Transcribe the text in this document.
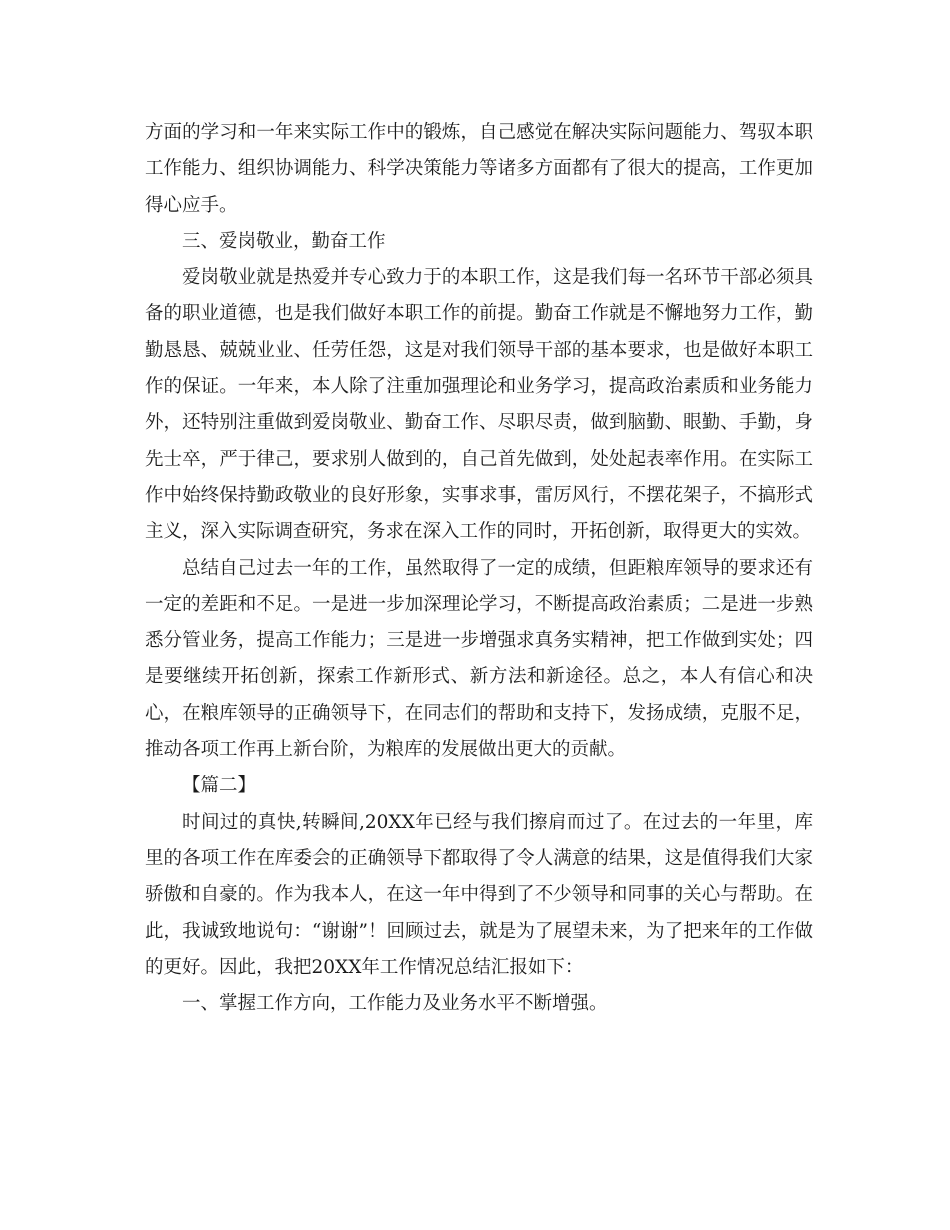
方面的学习和一年来实际工作中的锻炼，自己感觉在解决实际问题能力、驾驭本职工作能力、组织协调能力、科学决策能力等诸多方面都有了很大的提高，工作更加得心应手。

三、爱岗敬业，勤奋工作

爱岗敬业就是热爱并专心致力于的本职工作，这是我们每一名环节干部必须具备的职业道德，也是我们做好本职工作的前提。勤奋工作就是不懈地努力工作，勤勤恳恳、兢兢业业、任劳任怨，这是对我们领导干部的基本要求，也是做好本职工作的保证。一年来，本人除了注重加强理论和业务学习，提高政治素质和业务能力外，还特别注重做到爱岗敬业、勤奋工作、尽职尽责，做到脑勤、眼勤、手勤，身先士卒，严于律己，要求别人做到的，自己首先做到，处处起表率作用。在实际工作中始终保持勤政敬业的良好形象，实事求事，雷厉风行，不摆花架子，不搞形式主义，深入实际调查研究，务求在深入工作的同时，开拓创新，取得更大的实效。

总结自己过去一年的工作，虽然取得了一定的成绩，但距粮库领导的要求还有一定的差距和不足。一是进一步加深理论学习，不断提高政治素质；二是进一步熟悉分管业务，提高工作能力；三是进一步增强求真务实精神，把工作做到实处；四是要继续开拓创新，探索工作新形式、新方法和新途径。总之，本人有信心和决心，在粮库领导的正确领导下，在同志们的帮助和支持下，发扬成绩，克服不足，推动各项工作再上新台阶，为粮库的发展做出更大的贡献。

【篇二】

时间过的真快,转瞬间,20XX年已经与我们擦肩而过了。在过去的一年里，库里的各项工作在库委会的正确领导下都取得了令人满意的结果，这是值得我们大家骄傲和自豪的。作为我本人，在这一年中得到了不少领导和同事的关心与帮助。在此，我诚致地说句：“谢谢”！回顾过去，就是为了展望未来，为了把来年的工作做的更好。因此，我把20XX年工作情况总结汇报如下：

一、掌握工作方向，工作能力及业务水平不断增强。
